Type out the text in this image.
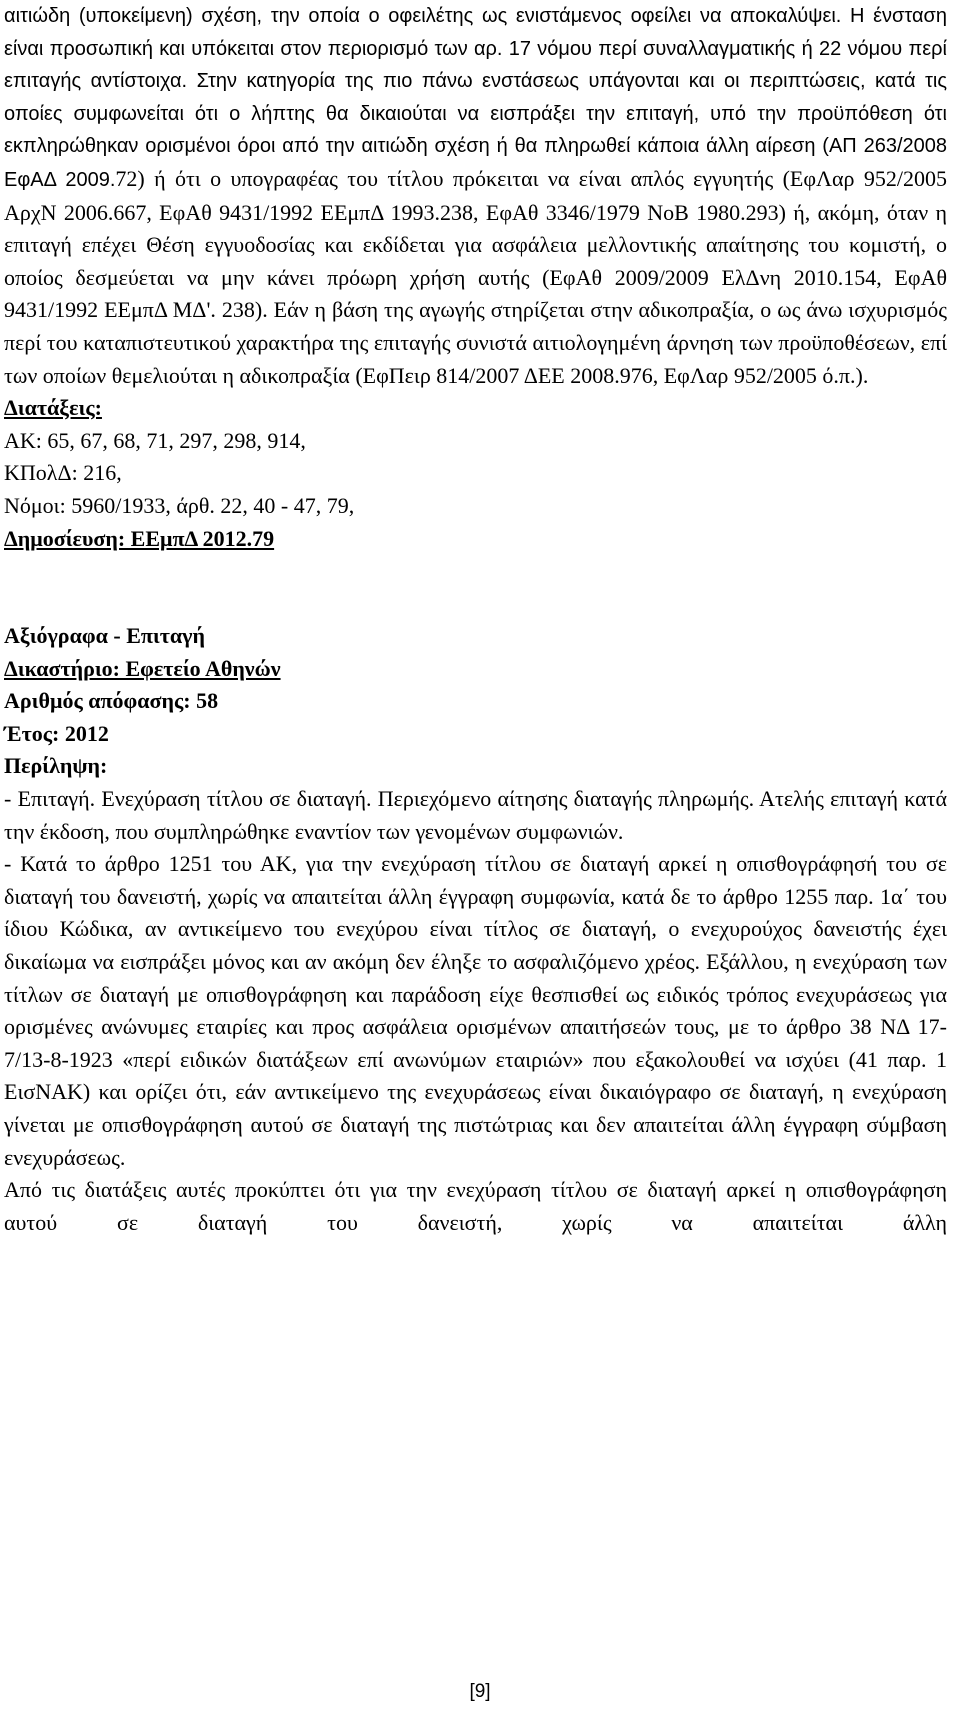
αιτιώδη (υποκείμενη) σχέση, την οποία ο οφειλέτης ως ενιστάμενος οφείλει να αποκαλύψει. Η ένσταση είναι προσωπική και υπόκειται στον περιορισμό των αρ. 17 νόμου περί συναλλαγματικής ή 22 νόμου περί επιταγής αντίστοιχα. Στην κατηγορία της πιο πάνω ενστάσεως υπάγονται και οι περιπτώσεις, κατά τις οποίες συμφωνείται ότι ο λήπτης θα δικαιούται να εισπράξει την επιταγή, υπό την προϋπόθεση ότι εκπληρώθηκαν ορισμένοι όροι από την αιτιώδη σχέση ή θα πληρωθεί κάποια άλλη αίρεση (ΑΠ 263/2008 ΕφΑΔ 2009.72) ή ότι ο υπογραφέας του τίτλου πρόκειται να είναι απλός εγγυητής (ΕφΛαρ 952/2005 ΑρχΝ 2006.667, ΕφΑθ 9431/1992 ΕΕμπΔ 1993.238, ΕφΑθ 3346/1979 ΝοΒ 1980.293) ή, ακόμη, όταν η επιταγή επέχει Θέση εγγυοδοσίας και εκδίδεται για ασφάλεια μελλοντικής απαίτησης του κομιστή, ο οποίος δεσμεύεται να μην κάνει πρόωρη χρήση αυτής (ΕφΑθ 2009/2009 ΕλΔνη 2010.154, ΕφΑθ 9431/1992 ΕΕμπΔ ΜΔ'. 238). Εάν η βάση της αγωγής στηρίζεται στην αδικοπραξία, ο ως άνω ισχυρισμός περί του καταπιστευτικού χαρακτήρα της επιταγής συνιστά αιτιολογημένη άρνηση των προϋποθέσεων, επί των οποίων θεμελιούται η αδικοπραξία (ΕφΠειρ 814/2007 ΔΕΕ 2008.976, ΕφΛαρ 952/2005 ό.π.).

Διατάξεις:
ΑΚ: 65, 67, 68, 71, 297, 298, 914,
ΚΠολΔ: 216,
Νόμοι: 5960/1933, άρθ. 22, 40 - 47, 79,
Δημοσίευση: ΕΕμπΔ 2012.79
Αξιόγραφα - Επιταγή
Δικαστήριο: Εφετείο Αθηνών
Αριθμός απόφασης: 58
Έτος: 2012
Περίληψη:

- Επιταγή. Ενεχύραση τίτλου σε διαταγή. Περιεχόμενο αίτησης διαταγής πληρωμής. Ατελής επιταγή κατά την έκδοση, που συμπληρώθηκε εναντίον των γενομένων συμφωνιών.

- Κατά το άρθρο 1251 του ΑΚ, για την ενεχύραση τίτλου σε διαταγή αρκεί η οπισθογράφησή του σε διαταγή του δανειστή, χωρίς να απαιτείται άλλη έγγραφη συμφωνία, κατά δε το άρθρο 1255 παρ. 1α΄ του ίδιου Κώδικα, αν αντικείμενο του ενεχύρου είναι τίτλος σε διαταγή, ο ενεχυρούχος δανειστής έχει δικαίωμα να εισπράξει μόνος και αν ακόμη δεν έληξε το ασφαλιζόμενο χρέος. Εξάλλου, η ενεχύραση των τίτλων σε διαταγή με οπισθογράφηση και παράδοση είχε θεσπισθεί ως ειδικός τρόπος ενεχυράσεως για ορισμένες ανώνυμες εταιρίες και προς ασφάλεια ορισμένων απαιτήσεών τους, με το άρθρο 38 ΝΔ 17-7/13-8-1923 «περί ειδικών διατάξεων επί ανωνύμων εταιριών» που εξακολουθεί να ισχύει (41 παρ. 1 ΕισΝΑΚ) και ορίζει ότι, εάν αντικείμενο της ενεχυράσεως είναι δικαιόγραφο σε διαταγή, η ενεχύραση γίνεται με οπισθογράφηση αυτού σε διαταγή της πιστώτριας και δεν απαιτείται άλλη έγγραφη σύμβαση ενεχυράσεως.

Από τις διατάξεις αυτές προκύπτει ότι για την ενεχύραση τίτλου σε διαταγή αρκεί η οπισθογράφηση αυτού σε διαταγή του δανειστή, χωρίς να απαιτείται άλλη

[9]
